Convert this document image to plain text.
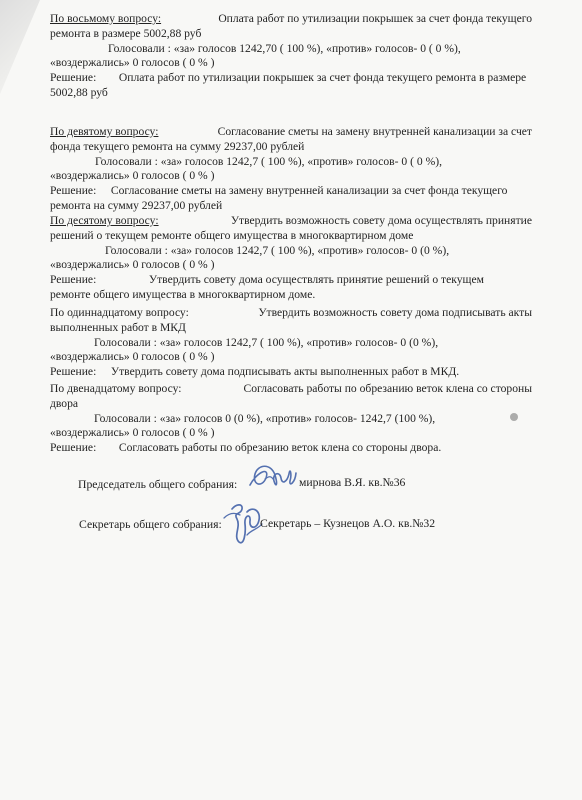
По восьмому вопросу:	Оплата работ по утилизации покрышек за счет фонда текущего
ремонта в размере 5002,88 руб
Голосовали : «за» голосов 1242,70 ( 100 %), «против» голосов- 0 ( 0 %),
«воздержались» 0 голосов ( 0 % )
Решение: Оплата работ по утилизации покрышек за счет фонда текущего ремонта в размере
5002,88 руб
По девятому вопросу:	Согласование сметы на замену внутренней канализации за счет
фонда текущего ремонта на сумму 29237,00 рублей
Голосовали : «за» голосов 1242,7 ( 100 %), «против» голосов- 0 ( 0 %),
«воздержались» 0 голосов ( 0 % )
Решение: Согласование сметы на замену внутренней канализации за счет фонда текущего
ремонта на сумму 29237,00 рублей
По десятому вопросу:	Утвердить возможность совету дома осуществлять принятие
решений о текущем ремонте общего имущества в многоквартирном доме
Голосовали : «за» голосов 1242,7 ( 100 %), «против» голосов- 0 (0 %),
«воздержались» 0 голосов ( 0 % )
Решение:	Утвердить совету дома осуществлять принятие решений о текущем
ремонте общего имущества в многоквартирном доме.
По одиннадцатому вопросу:	Утвердить возможность совету дома подписывать акты
выполненных работ в МКД
Голосовали : «за» голосов 1242,7 ( 100 %), «против» голосов- 0 (0 %),
«воздержались» 0 голосов ( 0 % )
Решение: Утвердить совету дома подписывать акты выполненных работ в МКД.
По двенадцатому вопросу:	Согласовать работы по обрезанию веток клена со стороны
двора
Голосовали : «за» голосов 0 (0 %), «против» голосов- 1242,7 (100 %),
«воздержались» 0 голосов ( 0 % )
Решение: Согласовать работы по обрезанию веток клена со стороны двора.
Председатель общего собрания:	мирнова В.Я. кв.№36
Секретарь общего собрания:	Секретарь – Кузнецов А.О. кв.№32
